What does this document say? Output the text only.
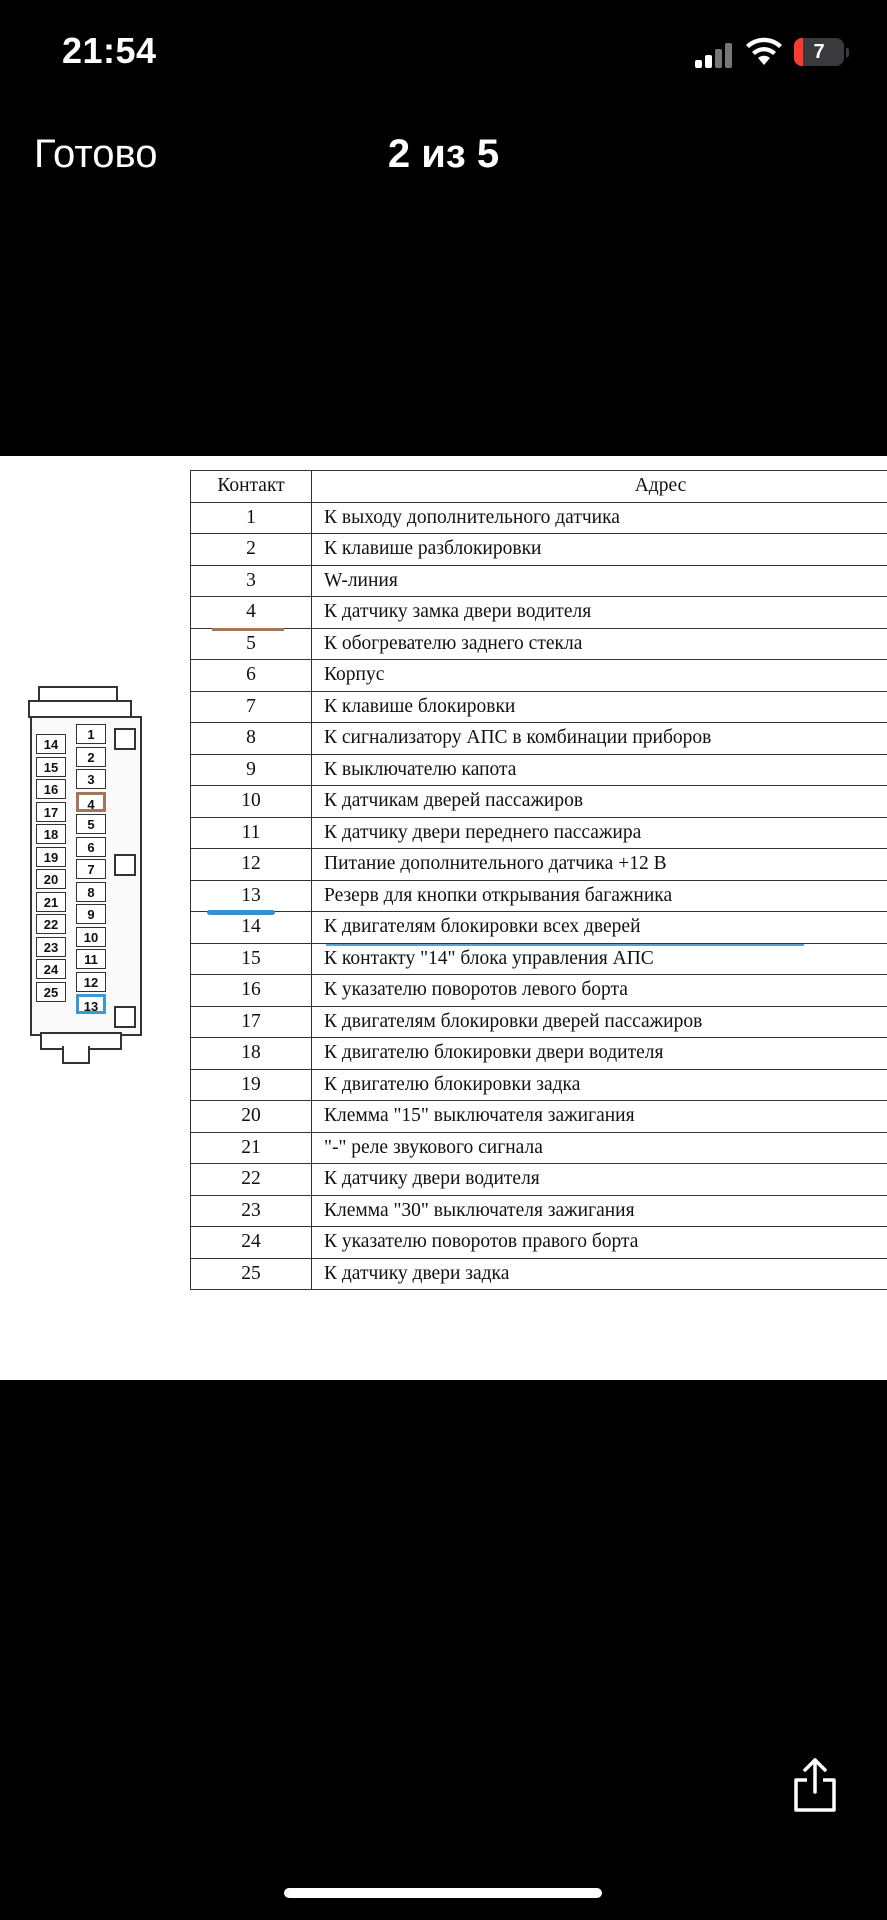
21:54	7
Готово	2 из 5
1
2
3
4
5
6
7
8
9
10
11
12
13
14
15
16
17
18
19
20
21
22
23
24
25
Контакт	Адрес
1	К выходу дополнительного датчика
2	К клавише разблокировки
3	W-линия
4	К датчику замка двери водителя
5	К обогревателю заднего стекла
6	Корпус
7	К клавише блокировки
8	К сигнализатору АПС в комбинации приборов
9	К выключателю капота
10	К датчикам дверей пассажиров
11	К датчику двери переднего пассажира
12	Питание дополнительного датчика +12 В
13	Резерв для кнопки открывания багажника
14	К двигателям блокировки всех дверей
15	К контакту "14" блока управления АПС
16	К указателю поворотов левого борта
17	К двигателям блокировки дверей пассажиров
18	К двигателю блокировки двери водителя
19	К двигателю блокировки задка
20	Клемма "15" выключателя зажигания
21	"-" реле звукового сигнала
22	К датчику двери водителя
23	Клемма "30" выключателя зажигания
24	К указателю поворотов правого борта
25	К датчику двери задка
